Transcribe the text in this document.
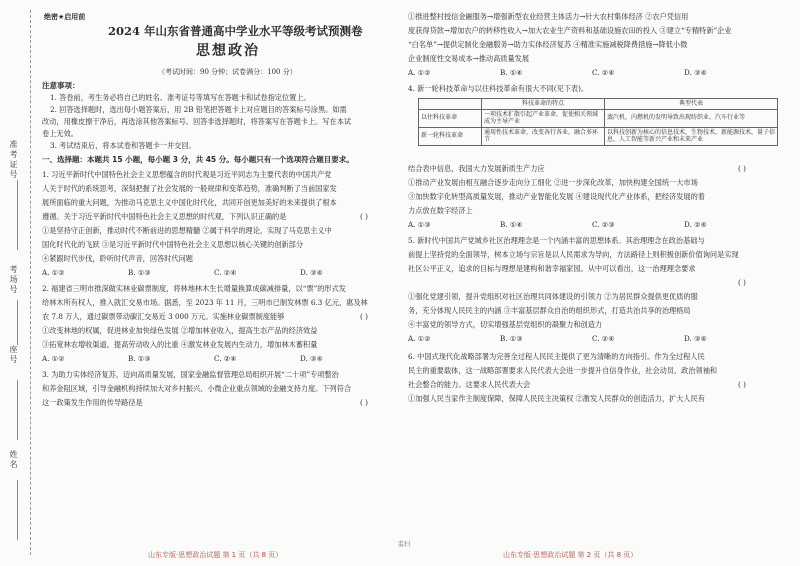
准考证号
考场号
座号
姓名
绝密★启用前
2024 年山东省普通高中学业水平等级考试预测卷
思想政治
（考试时间：90 分钟；试卷满分：100 分）
注意事项：
1. 答卷前，考生务必将自己的姓名、准考证号等填写在答题卡和试卷指定位置上。
2. 回答选择题时，选出每小题答案后，用 2B 铅笔把答题卡上对应题目的答案标号涂黑。如需
改动，用橡皮擦干净后，再选涂其他答案标号。回答非选择题时，将答案写在答题卡上。写在本试
卷上无效。
3. 考试结束后，将本试卷和答题卡一并交回。
一、选择题：本题共 15 小题，每小题 3 分，共 45 分。每小题只有一个选项符合题目要求。
1. 习近平新时代中国特色社会主义思想蕴含的时代观是习近平同志为主要代表的中国共产党
人关于时代的系统思考，深刻把握了社会发展的一般规律和变革趋势，准确判断了当前国家发
展所面临的重大问题，为推动马克思主义中国化时代化，共同开创更加美好的未来提供了根本
遵循。关于习近平新时代中国特色社会主义思想的时代观，下列认识正确的是	( )
①是坚持守正创新，推动时代不断前进的思想精髓 ②属于科学的理论，实现了马克思主义中
国化时代化的飞跃 ③是习近平新时代中国特色社会主义思想以核心关键的创新部分
④紧跟时代步伐，聆听时代声音，回答时代问题
A. ①②	B. ①③	C. ②④	D. ③④
2. 福建省三明市推深做实林业碳票制度，将林地林木生长增量换算成碳减排量，以“票”的形式发
给林木所有权人，推入就汇交易市场。据悉，至 2023 年 11 月，三明市已制发林票 6.3 亿元，惠及林
农 7.8 万人，通过碳票带动碳汇交易近 3 000 万元。实施林业碳票制度能够	( )
①改变林地的权属，促进林业加快绿色发展 ②增加林业收入，提高生态产品的经济效益
③拓宽林农增收渠道，提高劳动收入的比重 ④激发林业发展内生动力，增加林木蓄积量
A. ①②	B. ①③	C. ②④	D. ③④
3. 为助力实体经济复苏，迈向高质量发展，国家金融监督管理总局组织开展“二十项”专项整治
和养金阻区域，引导金融机构持续加大对乡村振兴、小微企业重点领域的金融支持力度。下列符合
这一政策发生作用的传导路径是	( )
山东专版·思想政治试题 第 1 页（共 8 页）
监扫
①推进整村授信金融服务→增强新型农业经营主体活力→针大农村集体经济 ②农户凭信用
度获得贷款→增加农户的转移性收入→加大农业生产资料和基础设施农田的投入 ③建立“专精特新”企业
“白名单”→提供定制化金融服务→助力实体经济复苏 ④精准实施减税降费措施→降低小微
企业制度性交易成本→推动高质量发展
A. ①②	B. ①④	C. ②④	D. ③④
4. 新一轮科技革命与以往科技革命有很大不同(见下表)。
	科技革命的特点	典型代表
以往科技革命	一项技术扩散引起产业革命，促使相关领域成为主导产业	蒸汽机，内燃机的发明导致出现纺织业、汽车行业等
新一轮科技革命	通用性技术革命，改变各行各业，融合多环节	以科技创新为核心的信息技术，生物技术，新能源技术，量子信息，人工智能等新兴产业和未来产业
结合表中信息，我国大力发展新质生产力应	( )
①推动产业发展由相互融合逐步走向分工细化 ②进一步深化改革，加快构建全国统一大市场
③加快数字化转型高质量发展，推动产业智能化发展 ④建设现代化产业体系，把经济发展的着
力点放在数字经济上
A. ①③	B. ①④	C. ②③	D. ②④
5. 新时代中国共产党城乡社区治理理念是一个内涵丰富的思想体系。其治理理念在政治基础与
前提上坚持党的全面领导，树本立场与宗旨是以人民需求为导向，方法路径上则积极创新价值询问是实现
社区公平正义，追求的目标与理想是建构和谐幸福家园。从中可以看出，这一治理理念要求
( )
①强化党建引领，提升党组织对社区治理共同体建设的引领力 ②为居民群众提供更优质的服
务，充分体现人民民主的内涵 ③丰富基层群众自治的组织形式，打造共治共享的治理格局
④丰富党的领导方式，切实增强基层党组织的凝聚力和创造力
A. ①②	B. ①③	C. ②④	D. ③④
6. 中国式现代化战略部署为完善全过程人民民主提供了更为清晰的方向指引。作为全过程人民
民主的重要载体，这一战略部署要求人民代表大会进一步提升自信身作业，社会动员、政治领袖和
社会整合的能力。这要求人民代表大会	( )
①加强人民当家作主制度保障，保障人民民主决策权 ②激发人民群众的创造活力，扩大人民有
山东专版·思想政治试题 第 2 页（共 8 页）
